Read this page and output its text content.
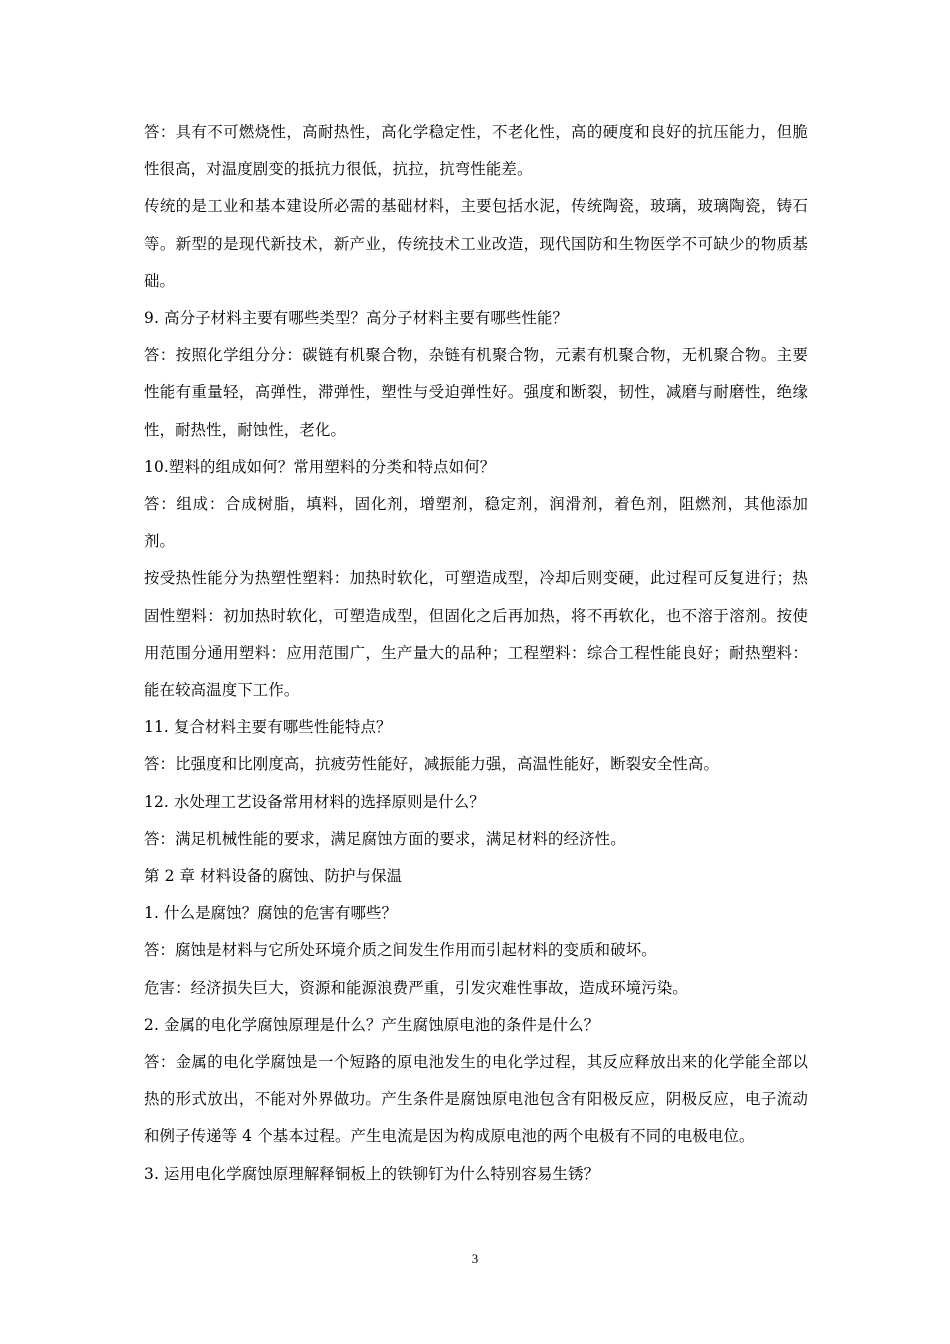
答：具有不可燃烧性，高耐热性，高化学稳定性，不老化性，高的硬度和良好的抗压能力，但脆性很高，对温度剧变的抵抗力很低，抗拉，抗弯性能差。

传统的是工业和基本建设所必需的基础材料，主要包括水泥，传统陶瓷，玻璃，玻璃陶瓷，铸石等。新型的是现代新技术，新产业，传统技术工业改造，现代国防和生物医学不可缺少的物质基础。

9. 高分子材料主要有哪些类型？高分子材料主要有哪些性能？

答：按照化学组分分：碳链有机聚合物，杂链有机聚合物，元素有机聚合物，无机聚合物。主要性能有重量轻，高弹性，滞弹性，塑性与受迫弹性好。强度和断裂，韧性，减磨与耐磨性，绝缘性，耐热性，耐蚀性，老化。

10.塑料的组成如何？常用塑料的分类和特点如何？

答：组成：合成树脂，填料，固化剂，增塑剂，稳定剂，润滑剂，着色剂，阻燃剂，其他添加剂。

按受热性能分为热塑性塑料：加热时软化，可塑造成型，冷却后则变硬，此过程可反复进行；热固性塑料：初加热时软化，可塑造成型，但固化之后再加热，将不再软化，也不溶于溶剂。按使用范围分通用塑料：应用范围广，生产量大的品种；工程塑料：综合工程性能良好；耐热塑料：能在较高温度下工作。

11. 复合材料主要有哪些性能特点？

答：比强度和比刚度高，抗疲劳性能好，减振能力强，高温性能好，断裂安全性高。

12. 水处理工艺设备常用材料的选择原则是什么？

答：满足机械性能的要求，满足腐蚀方面的要求，满足材料的经济性。

第 2 章 材料设备的腐蚀、防护与保温

1. 什么是腐蚀？腐蚀的危害有哪些？

答：腐蚀是材料与它所处环境介质之间发生作用而引起材料的变质和破坏。

危害：经济损失巨大，资源和能源浪费严重，引发灾难性事故，造成环境污染。

2. 金属的电化学腐蚀原理是什么？产生腐蚀原电池的条件是什么？

答：金属的电化学腐蚀是一个短路的原电池发生的电化学过程，其反应释放出来的化学能全部以热的形式放出，不能对外界做功。产生条件是腐蚀原电池包含有阳极反应，阴极反应，电子流动和例子传递等 4 个基本过程。产生电流是因为构成原电池的两个电极有不同的电极电位。

3. 运用电化学腐蚀原理解释铜板上的铁铆钉为什么特别容易生锈？

3
